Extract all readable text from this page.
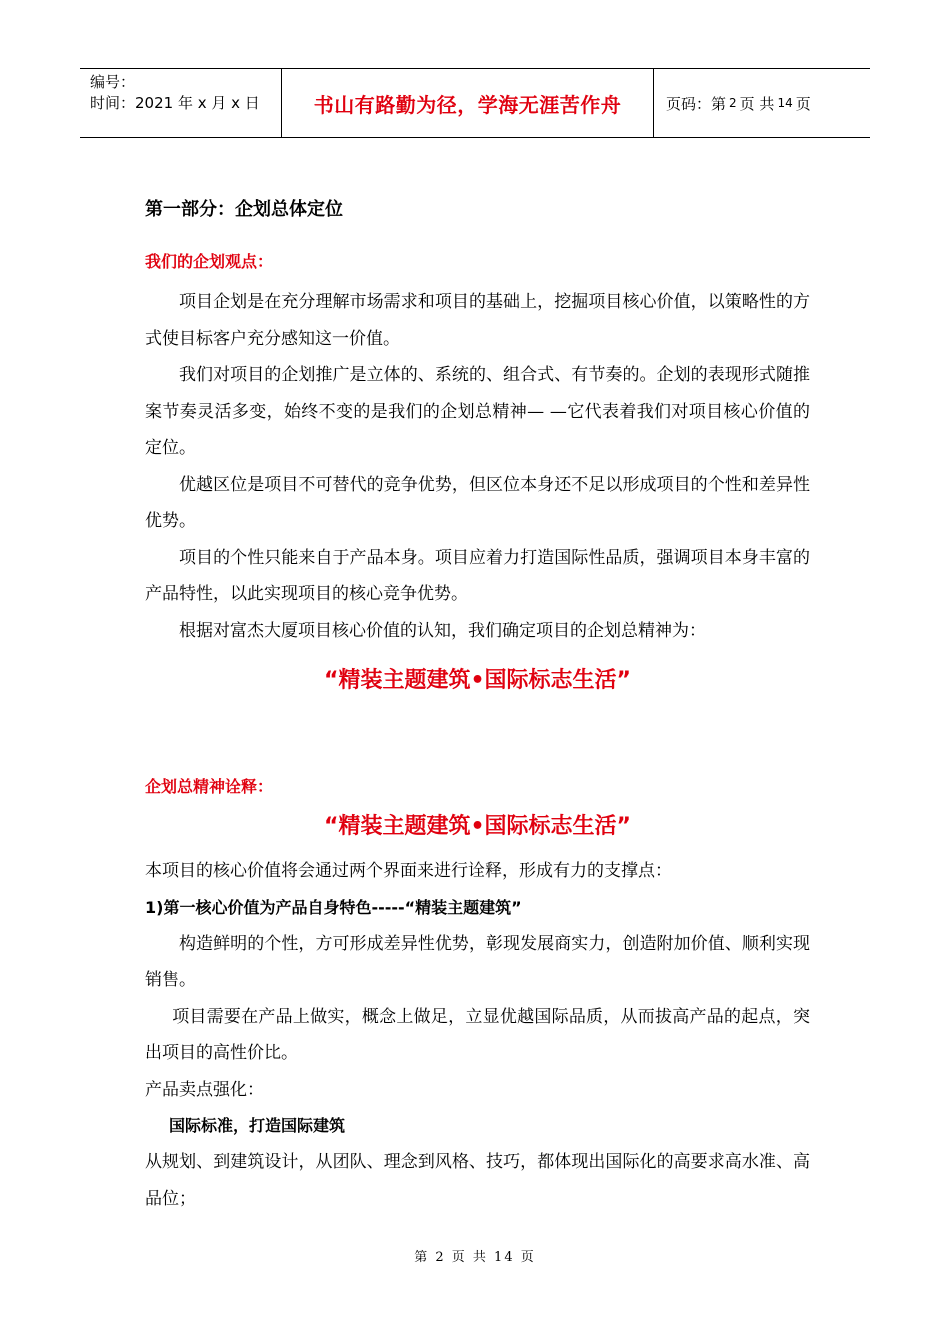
编号：
时间：2021 年 x 月 x 日	书山有路勤为径，学海无涯苦作舟	页码：第 2 页 共 14 页
第一部分：企划总体定位
我们的企划观点：

项目企划是在充分理解市场需求和项目的基础上，挖掘项目核心价值，以策略性的方式使目标客户充分感知这一价值。

我们对项目的企划推广是立体的、系统的、组合式、有节奏的。企划的表现形式随推案节奏灵活多变，始终不变的是我们的企划总精神— —它代表着我们对项目核心价值的定位。

优越区位是项目不可替代的竞争优势，但区位本身还不足以形成项目的个性和差异性优势。

项目的个性只能来自于产品本身。项目应着力打造国际性品质，强调项目本身丰富的产品特性，以此实现项目的核心竞争优势。

根据对富杰大厦项目核心价值的认知，我们确定项目的企划总精神为：

“精装主题建筑•国际标志生活”
企划总精神诠释：
“精装主题建筑•国际标志生活”

本项目的核心价值将会通过两个界面来进行诠释，形成有力的支撑点：

1)第一核心价值为产品自身特色-----“精装主题建筑”

构造鲜明的个性，方可形成差异性优势，彰现发展商实力，创造附加价值、顺利实现销售。

项目需要在产品上做实，概念上做足，立显优越国际品质，从而拔高产品的起点，突出项目的高性价比。

产品卖点强化：

国际标准，打造国际建筑

从规划、到建筑设计，从团队、理念到风格、技巧，都体现出国际化的高要求高水准、高品位；

第 2 页 共 14 页
